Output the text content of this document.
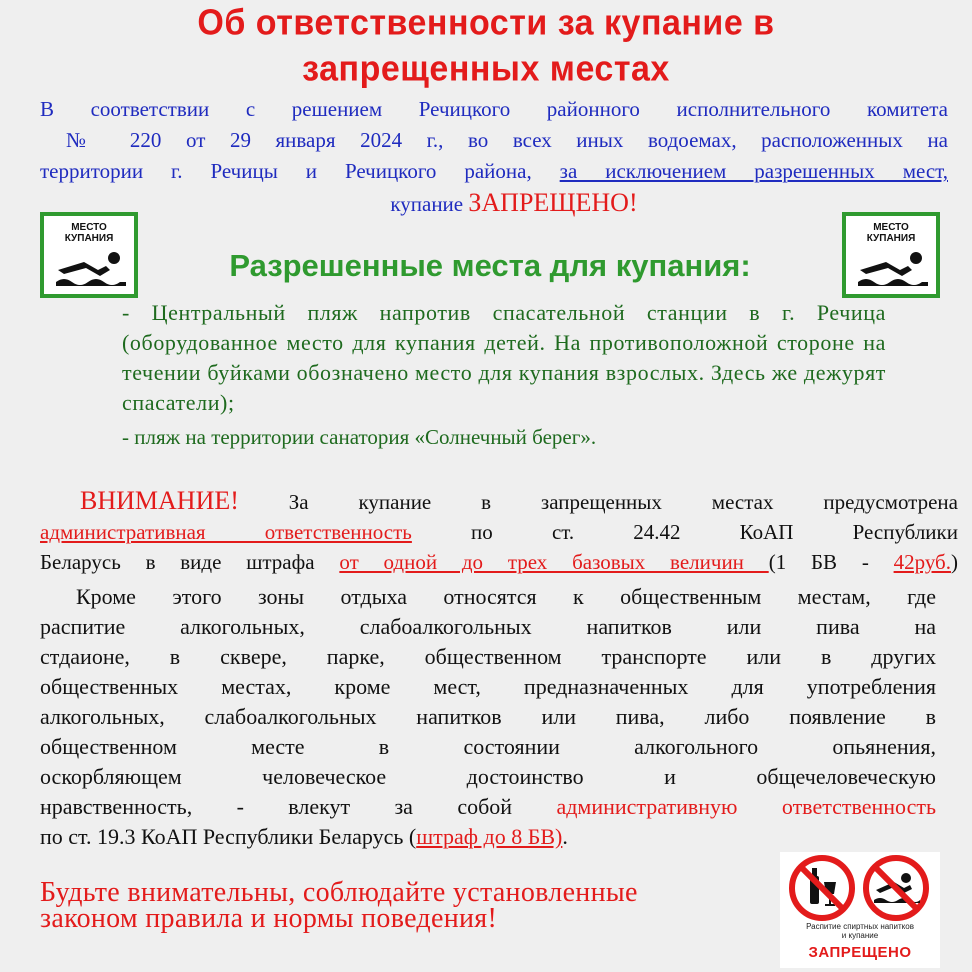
Об ответственности за купание в
запрещенных местах
В соответствии с решением Речицкого районного исполнительного комитета
№ 220 от 29 января 2024 г., во всех иных водоемах, расположенных на
территории г. Речицы и Речицкого района, за исключением разрешенных мест,
купание ЗАПРЕЩЕНО!
МЕСТО
КУПАНИЯ
МЕСТО
КУПАНИЯ
Разрешенные места для купания:
- Центральный пляж напротив спасательной станции в г. Речица (оборудованное место для купания детей. На противоположной стороне на течении буйками обозначено место для купания взрослых. Здесь же дежурят спасатели);
- пляж на территории санатория «Солнечный берег».
ВНИМАНИЕ! За купание в запрещенных местах предусмотрена
административная ответственность по ст. 24.42 КоАП Республики
Беларусь в виде штрафа от одной до трех базовых величин (1 БВ - 42руб.)
Кроме этого зоны отдыха относятся к общественным местам, где
распитие алкогольных, слабоалкогольных напитков или пива на
стдаионе, в сквере, парке, общественном транспорте или в других
общественных местах, кроме мест, предназначенных для употребления
алкогольных, слабоалкогольных напитков или пива, либо появление в
общественном месте в состоянии алкогольного опьянения,
оскорбляющем человеческое достоинство и общечеловеческую
нравственность, - влекут за собой административную ответственность
по ст. 19.3 КоАП Республики Беларусь (штраф до 8 БВ).
Будьте внимательны, соблюдайте установленные
законом правила и нормы поведения!	Распитие спиртных напитков
и купание
ЗАПРЕЩЕНО
